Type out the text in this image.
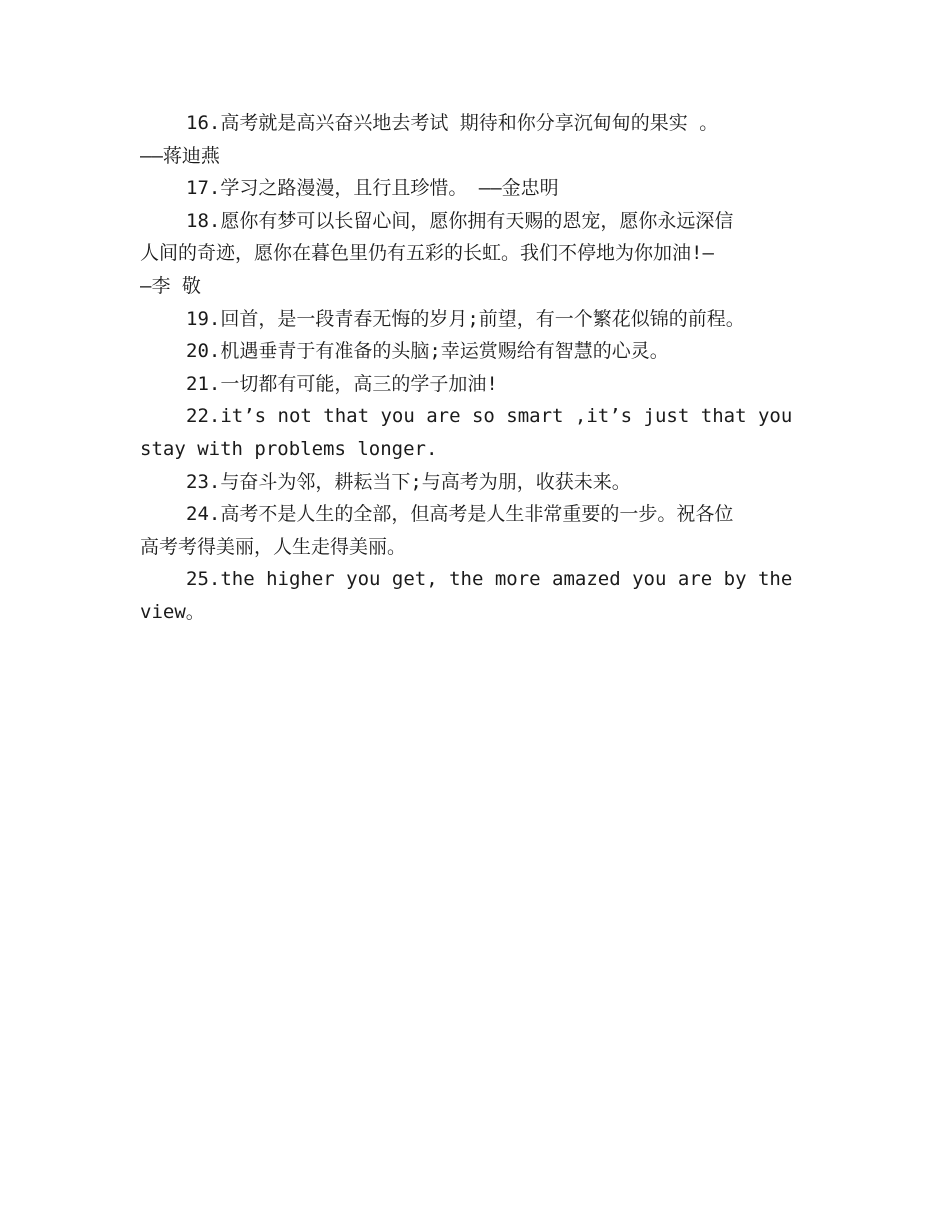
16.高考就是高兴奋兴地去考试 期待和你分享沉甸甸的果实 。
——蒋迪燕
17.学习之路漫漫，且行且珍惜。 ——金忠明
18.愿你有梦可以长留心间，愿你拥有天赐的恩宠，愿你永远深信
人间的奇迹，愿你在暮色里仍有五彩的长虹。我们不停地为你加油!—
—李 敬
19.回首，是一段青春无悔的岁月;前望，有一个繁花似锦的前程。
20.机遇垂青于有准备的头脑;幸运赏赐给有智慧的心灵。
21.一切都有可能，高三的学子加油!
22.it’s not that you are so smart ,it’s just that you
stay with problems longer.
23.与奋斗为邻，耕耘当下;与高考为朋，收获未来。
24.高考不是人生的全部，但高考是人生非常重要的一步。祝各位
高考考得美丽，人生走得美丽。
25.the higher you get, the more amazed you are by the
view。
